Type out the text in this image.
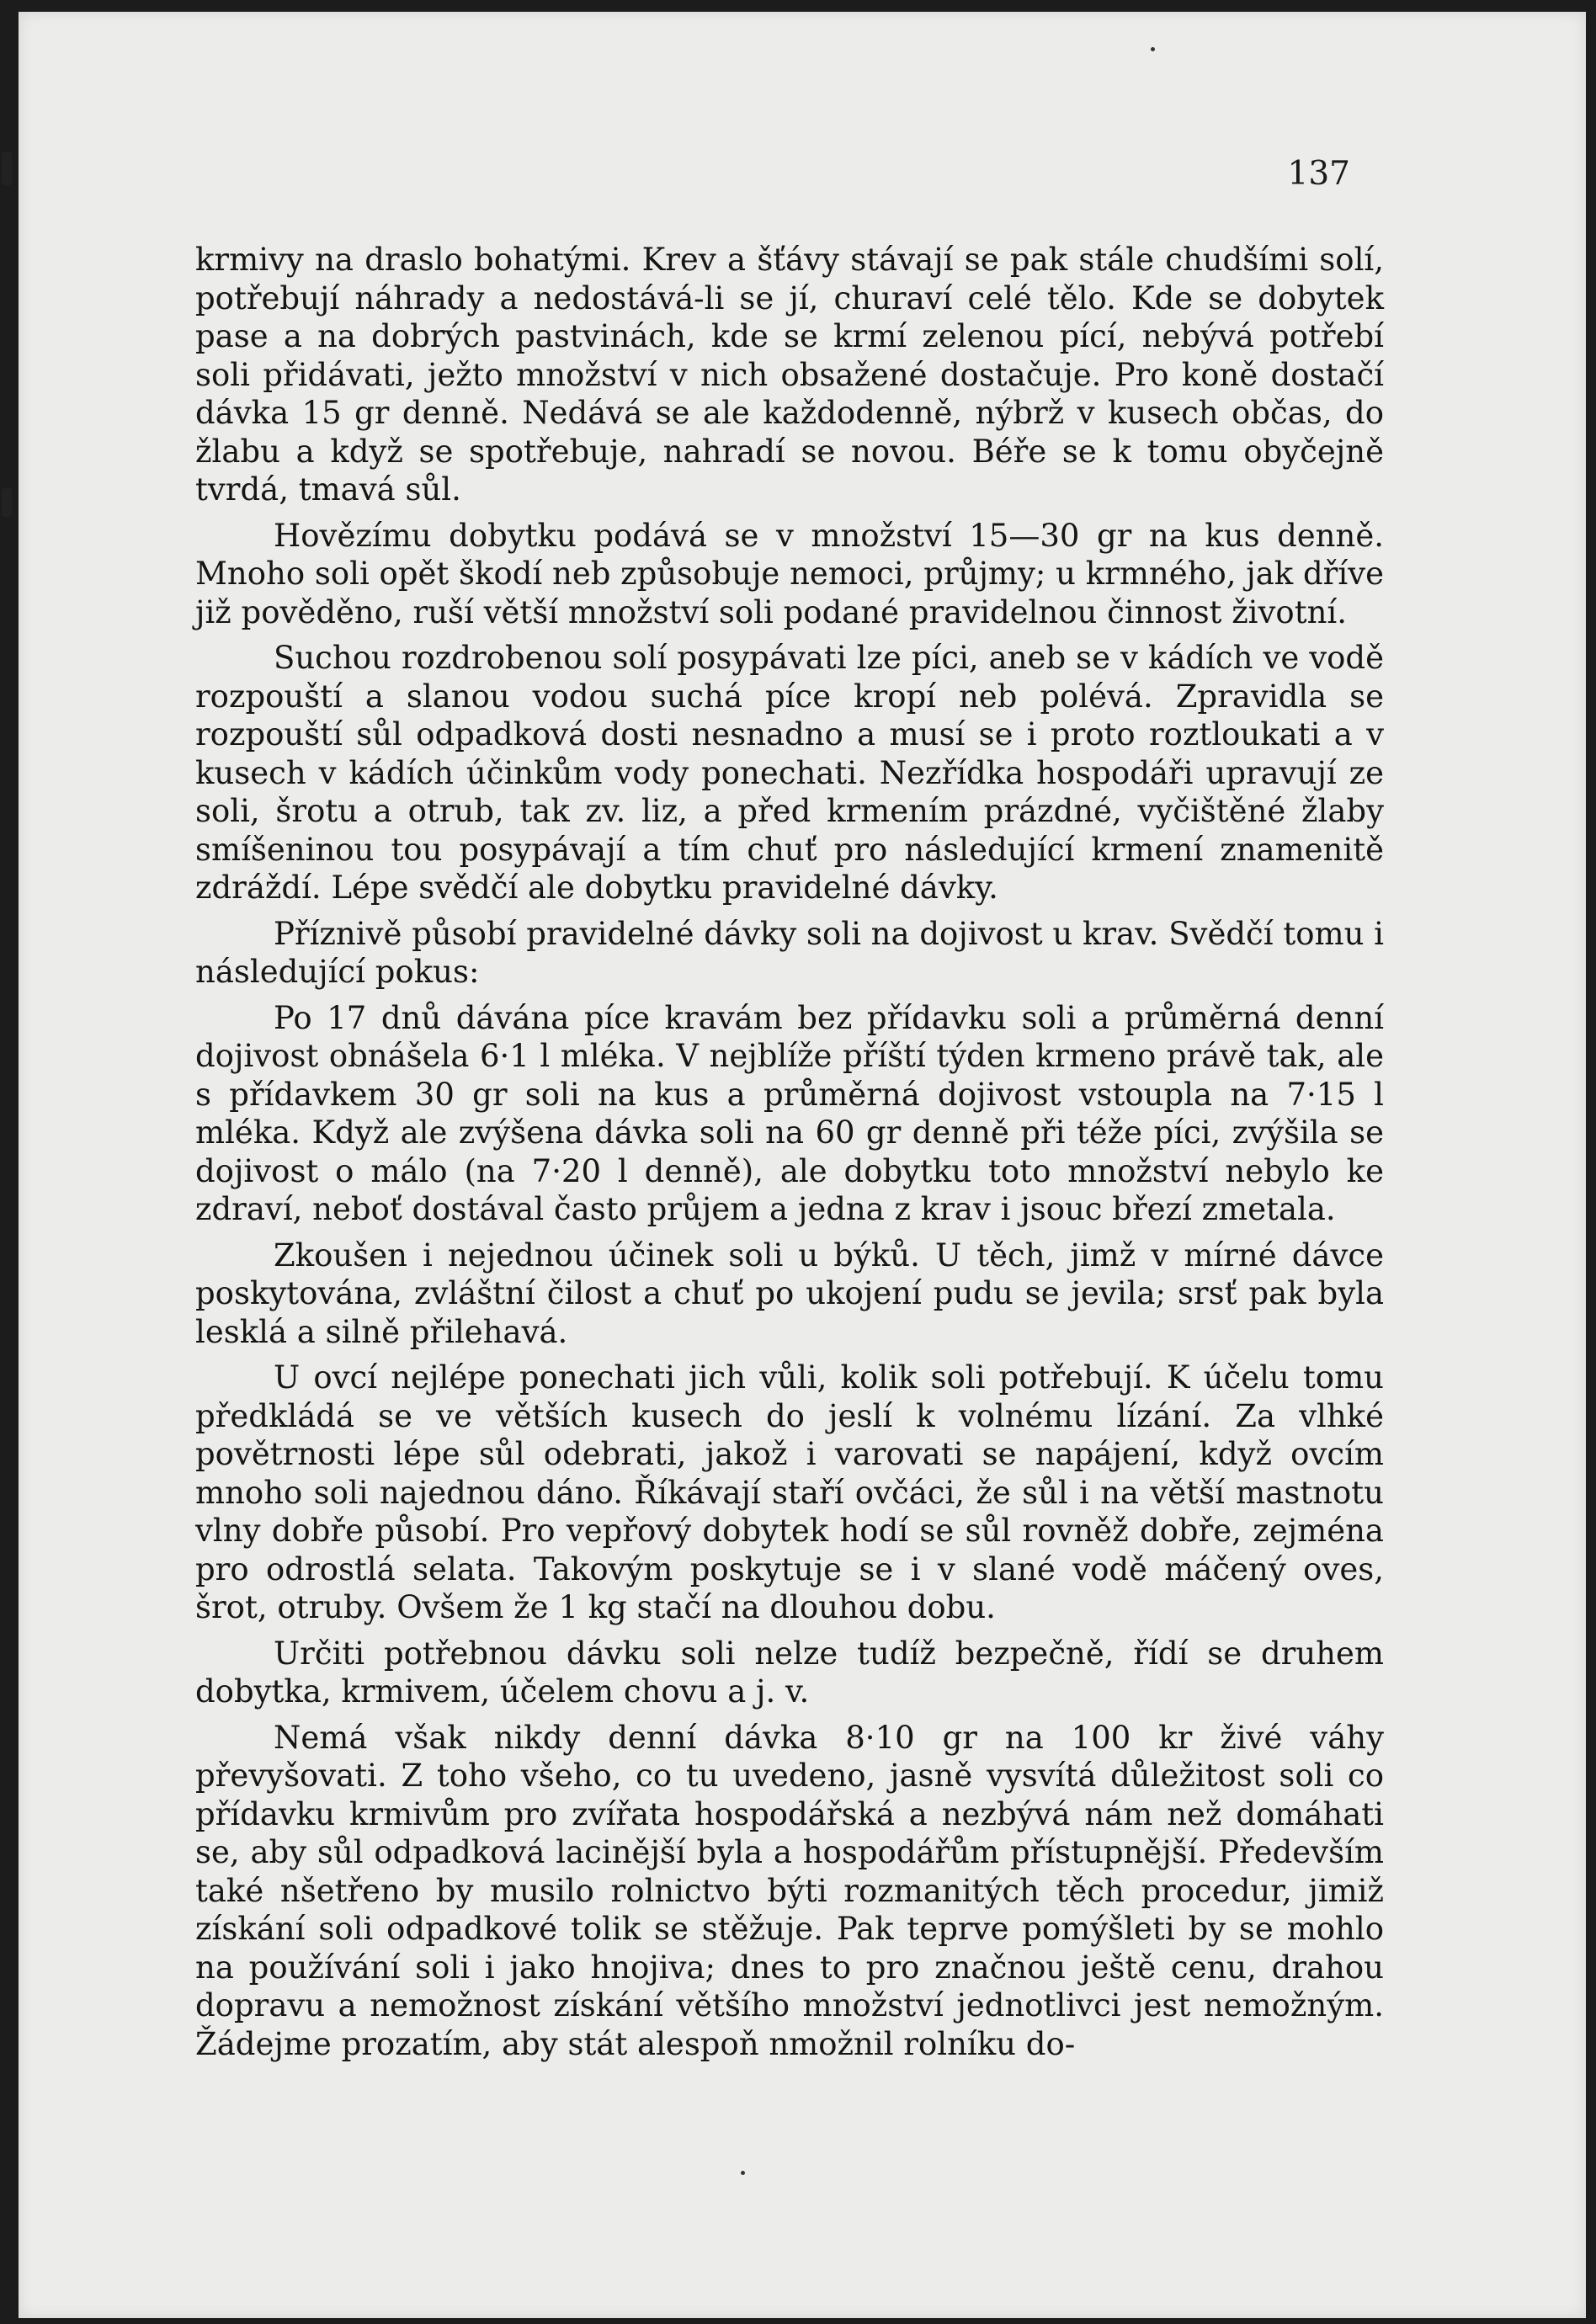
137

krmivy na draslo bohatými. Krev a šťávy stávají se pak stále chudšími solí, potřebují náhrady a nedostává-li se jí, churaví celé tělo. Kde se dobytek pase a na dobrých pastvinách, kde se krmí zelenou pící, nebývá potřebí soli přidávati, ježto množství v nich obsažené dostačuje. Pro koně dostačí dávka 15 gr denně. Nedává se ale každodenně, nýbrž v kusech občas, do žlabu a když se spotřebuje, nahradí se novou. Béře se k tomu obyčejně tvrdá, tmavá sůl.

Hovězímu dobytku podává se v množství 15—30 gr na kus denně. Mnoho soli opět škodí neb způsobuje nemoci, průjmy; u krmného, jak dříve již pověděno, ruší větší množství soli podané pravidelnou činnost životní.

Suchou rozdrobenou solí posypávati lze píci, aneb se v kádích ve vodě rozpouští a slanou vodou suchá píce kropí neb polévá. Zpravidla se rozpouští sůl odpadková dosti nesnadno a musí se i proto roztloukati a v kusech v kádích účinkům vody ponechati. Nezřídka hospodáři upravují ze soli, šrotu a otrub, tak zv. liz, a před krmením prázdné, vyčištěné žlaby smíšeninou tou posypávají a tím chuť pro následující krmení znamenitě zdráždí. Lépe svědčí ale dobytku pravidelné dávky.

Příznivě působí pravidelné dávky soli na dojivost u krav. Svědčí tomu i následující pokus:

Po 17 dnů dávána píce kravám bez přídavku soli a průměrná denní dojivost obnášela 6·1 l mléka. V nejblíže příští týden krmeno právě tak, ale s přídavkem 30 gr soli na kus a průměrná dojivost vstoupla na 7·15 l mléka. Když ale zvýšena dávka soli na 60 gr denně při téže píci, zvýšila se dojivost o málo (na 7·20 l denně), ale dobytku toto množství nebylo ke zdraví, neboť dostával často průjem a jedna z krav i jsouc březí zmetala.

Zkoušen i nejednou účinek soli u býků. U těch, jimž v mírné dávce poskytována, zvláštní čilost a chuť po ukojení pudu se jevila; srsť pak byla lesklá a silně přilehavá.

U ovcí nejlépe ponechati jich vůli, kolik soli potřebují. K účelu tomu předkládá se ve větších kusech do jeslí k volnému lízání. Za vlhké povětrnosti lépe sůl odebrati, jakož i varovati se napájení, když ovcím mnoho soli najednou dáno. Říkávají staří ovčáci, že sůl i na větší mastnotu vlny dobře působí. Pro vepřový dobytek hodí se sůl rovněž dobře, zejména pro odrostlá selata. Takovým poskytuje se i v slané vodě máčený oves, šrot, otruby. Ovšem že 1 kg stačí na dlouhou dobu.

Určiti potřebnou dávku soli nelze tudíž bezpečně, řídí se druhem dobytka, krmivem, účelem chovu a j. v.

Nemá však nikdy denní dávka 8·10 gr na 100 kr živé váhy převyšovati. Z toho všeho, co tu uvedeno, jasně vysvítá důležitost soli co přídavku krmivům pro zvířata hospodářská a nezbývá nám než domáhati se, aby sůl odpadková lacinější byla a hospodářům přístupnější. Především také nšetřeno by musilo rolnictvo býti rozmanitých těch procedur, jimiž získání soli odpadkové tolik se stěžuje. Pak teprve pomýšleti by se mohlo na používání soli i jako hnojiva; dnes to pro značnou ještě cenu, drahou dopravu a nemožnost získání většího množství jednotlivci jest nemožným. Žádejme prozatím, aby stát alespoň nmožnil rolníku do-
